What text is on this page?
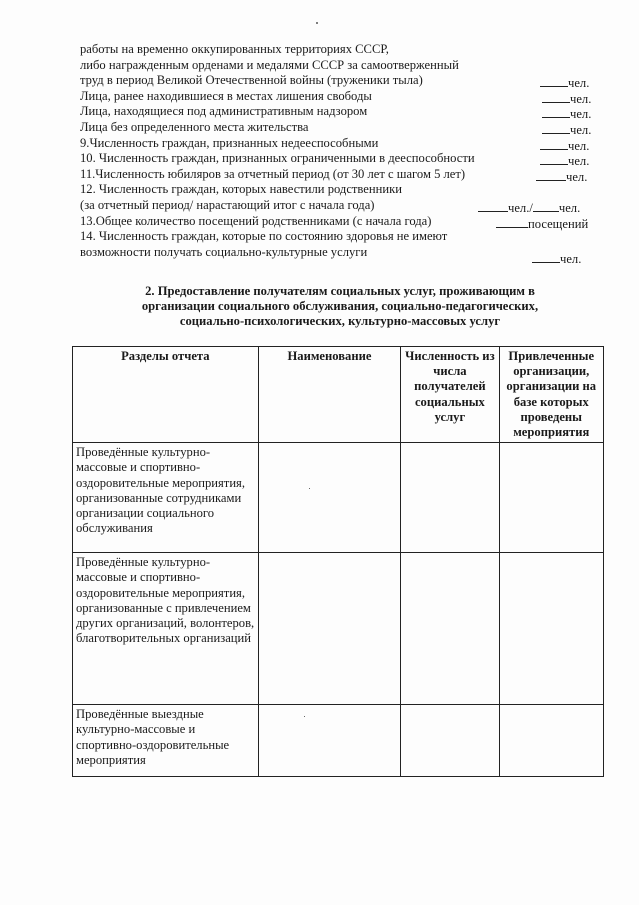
работы на временно оккупированных территориях СССР,
либо награжденным орденами и медалями СССР за самоотверженный
труд в период Великой Отечественной войны (труженики тыла)	чел.
Лица, ранее находившиеся в местах лишения свободы	чел.
Лица, находящиеся под административным надзором	чел.
Лица без определенного места жительства	чел.
9.Численность граждан, признанных недееспособными	чел.
10. Численность граждан, признанных ограниченными в дееспособности	чел.
11.Численность юбиляров за отчетный период (от 30 лет с шагом 5 лет)	чел.
12. Численность граждан, которых навестили родственники
(за отчетный период/ нарастающий итог с начала года)	чел./ чел.
13.Общее количество посещений родственниками (с начала года)	посещений
14. Численность граждан, которые по состоянию здоровья не имеют
возможности получать социально-культурные услуги	чел.
2. Предоставление получателям социальных услуг, проживающим в
организации социального обслуживания, социально-педагогических,
социально-психологических, культурно-массовых услуг
Разделы отчета	Наименование	Численность из числа получателей социальных услуг	Привлеченные организации, организации на базе которых проведены мероприятия
Проведённые культурно-массовые и спортивно-оздоровительные мероприятия, организованные сотрудниками организации социального обслуживания			
Проведённые культурно-массовые и спортивно-оздоровительные мероприятия, организованные с привлечением других организаций, волонтеров, благотворительных организаций			
Проведённые выездные культурно-массовые и спортивно-оздоровительные мероприятия			
